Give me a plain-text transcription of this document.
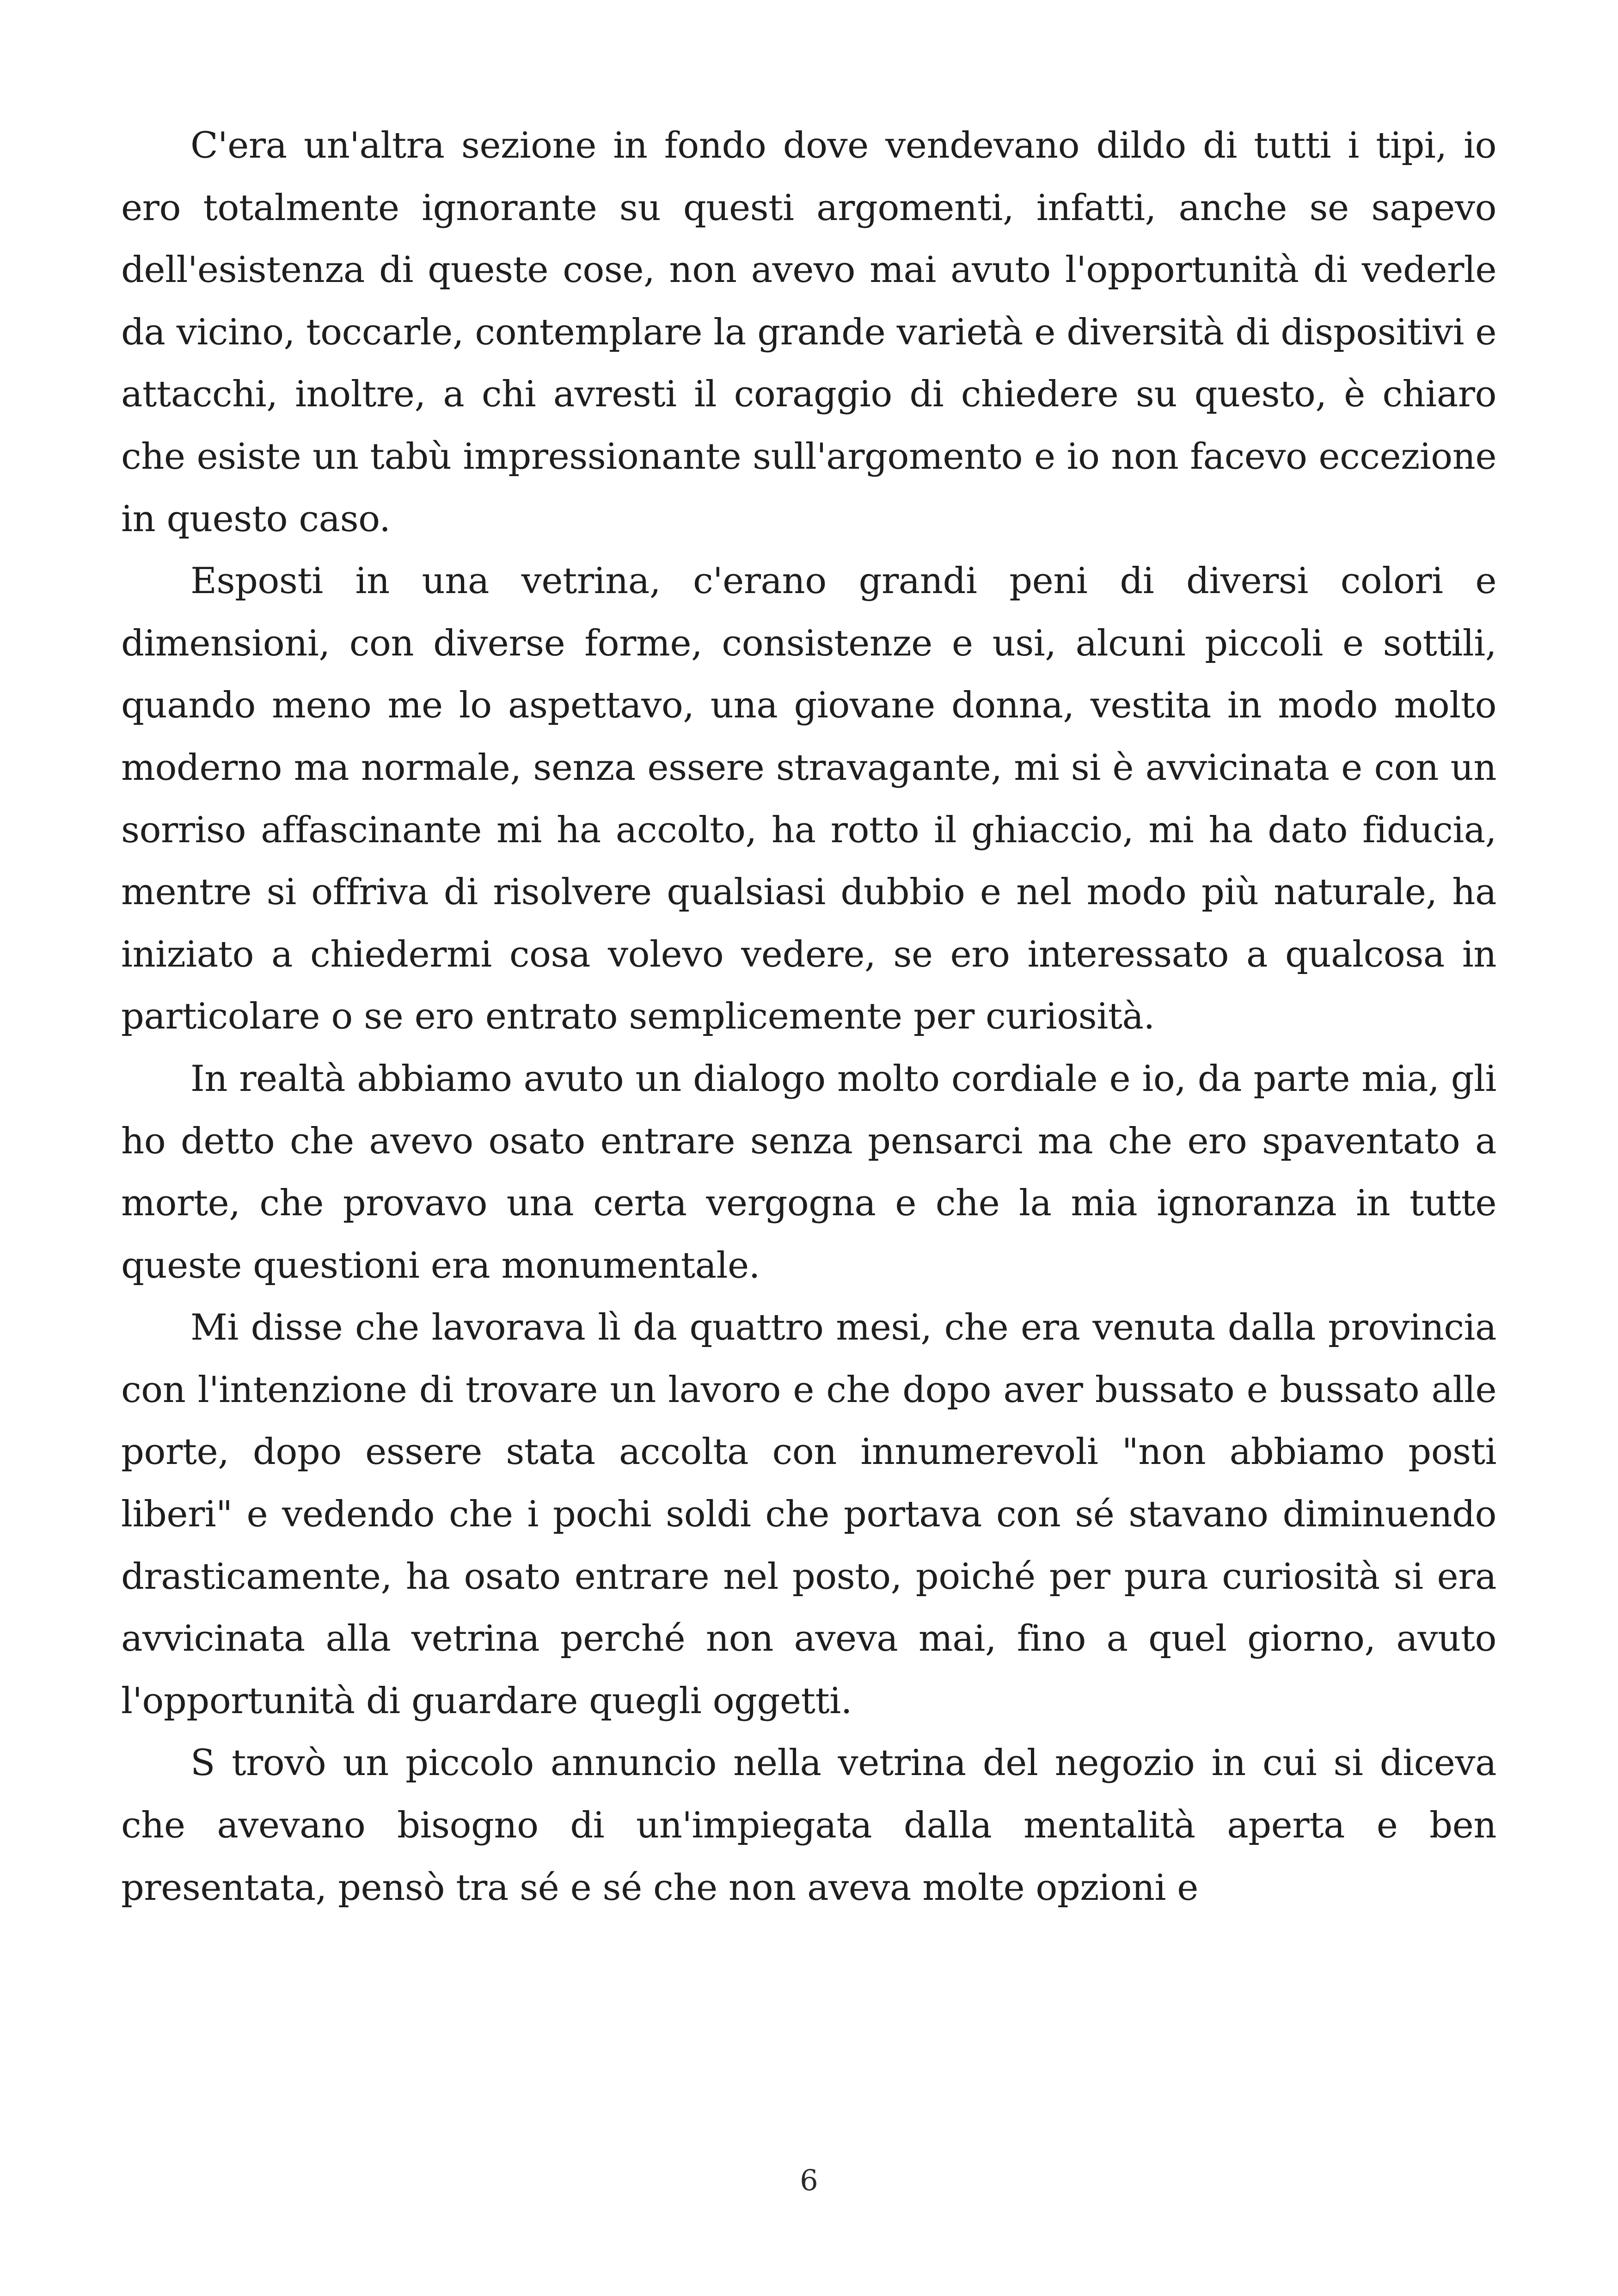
C'era un'altra sezione in fondo dove vendevano dildo di tutti i tipi, io ero totalmente ignorante su questi argomenti, infatti, anche se sapevo dell'esistenza di queste cose, non avevo mai avuto l'opportunità di vederle da vicino, toccarle, contemplare la grande varietà e diversità di dispositivi e attacchi, inoltre, a chi avresti il coraggio di chiedere su questo, è chiaro che esiste un tabù impressionante sull'argomento e io non facevo eccezione in questo caso.

Esposti in una vetrina, c'erano grandi peni di diversi colori e dimensioni, con diverse forme, consistenze e usi, alcuni piccoli e sottili, quando meno me lo aspettavo, una giovane donna, vestita in modo molto moderno ma normale, senza essere stravagante, mi si è avvicinata e con un sorriso affascinante mi ha accolto, ha rotto il ghiaccio, mi ha dato fiducia, mentre si offriva di risolvere qualsiasi dubbio e nel modo più naturale, ha iniziato a chiedermi cosa volevo vedere, se ero interessato a qualcosa in particolare o se ero entrato semplicemente per curiosità.

In realtà abbiamo avuto un dialogo molto cordiale e io, da parte mia, gli ho detto che avevo osato entrare senza pensarci ma che ero spaventato a morte, che provavo una certa vergogna e che la mia ignoranza in tutte queste questioni era monumentale.

Mi disse che lavorava lì da quattro mesi, che era venuta dalla provincia con l'intenzione di trovare un lavoro e che dopo aver bussato e bussato alle porte, dopo essere stata accolta con innumerevoli "non abbiamo posti liberi" e vedendo che i pochi soldi che portava con sé stavano diminuendo drasticamente, ha osato entrare nel posto, poiché per pura curiosità si era avvicinata alla vetrina perché non aveva mai, fino a quel giorno, avuto l'opportunità di guardare quegli oggetti.

S trovò un piccolo annuncio nella vetrina del negozio in cui si diceva che avevano bisogno di un'impiegata dalla mentalità aperta e ben presentata, pensò tra sé e sé che non aveva molte opzioni e

6
